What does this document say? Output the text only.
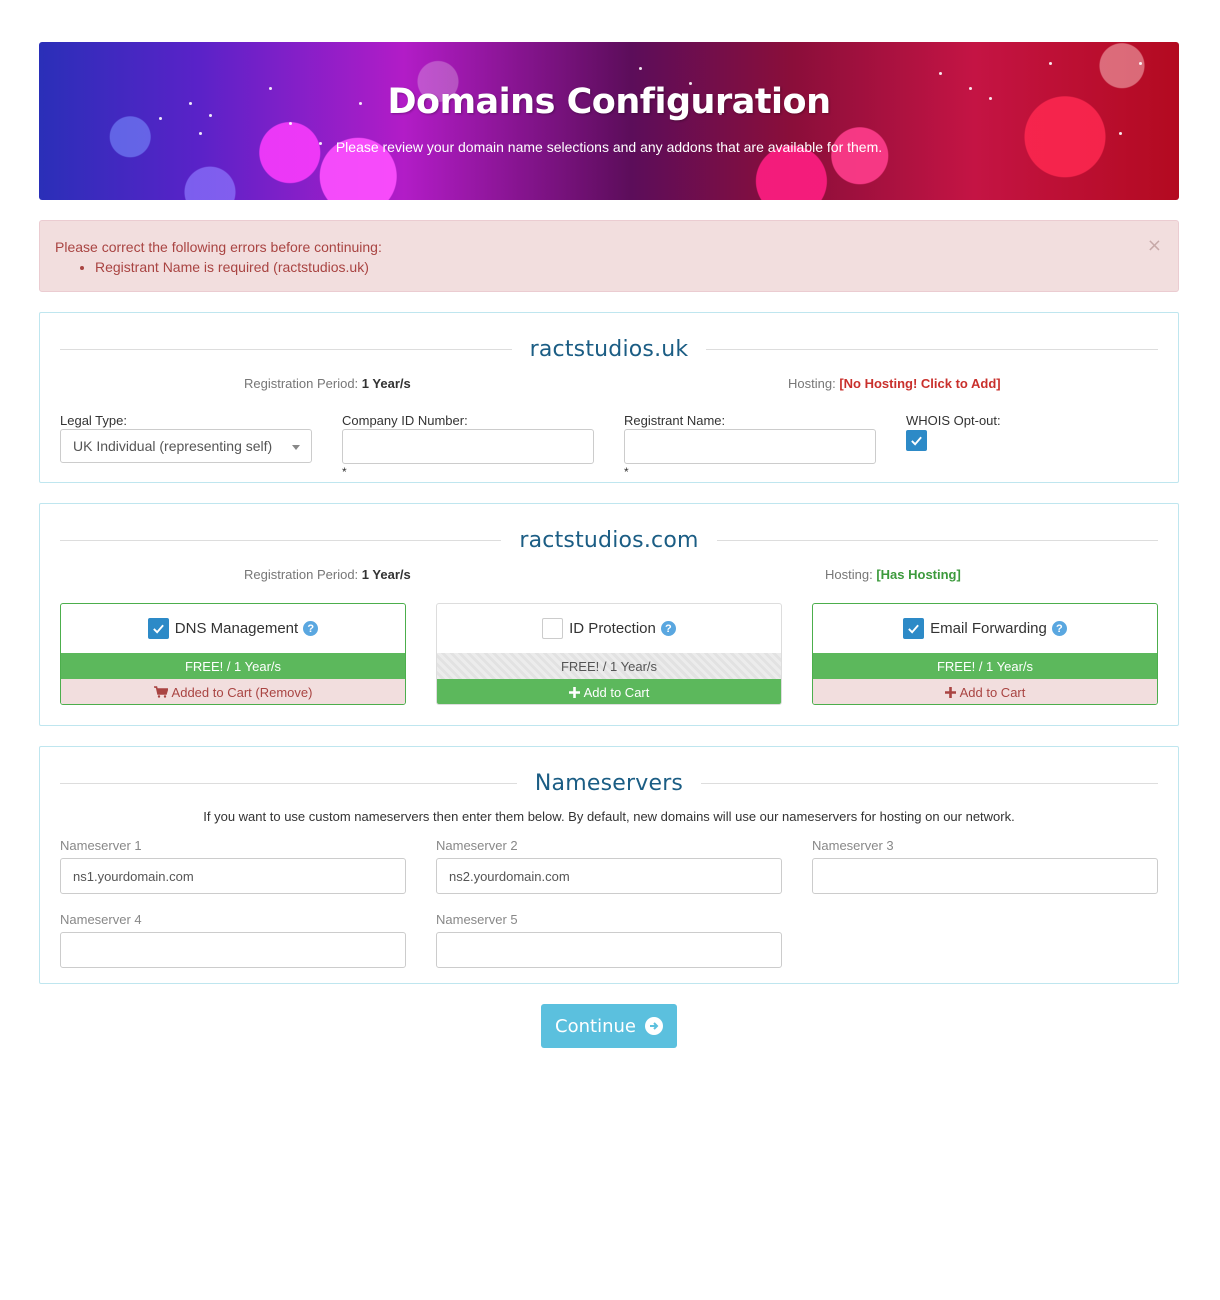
Domains Configuration

Please review your domain name selections and any addons that are available for them.

Please correct the following errors before continuing:
• Registrant Name is required (ractstudios.uk)
×
ractstudios.uk
Registration Period: 1 Year/s	Hosting: [No Hosting! Click to Add]
Legal Type:
UK Individual (representing self)
Company ID Number:
*
Registrant Name:
*
WHOIS Opt-out:
ractstudios.com
Registration Period: 1 Year/s	Hosting: [Has Hosting]
DNS Management ?
FREE! / 1 Year/s
Added to Cart (Remove)
ID Protection ?
FREE! / 1 Year/s
Add to Cart
Email Forwarding ?
FREE! / 1 Year/s
Add to Cart
Nameservers
If you want to use custom nameservers then enter them below. By default, new domains will use our nameservers for hosting on our network.
Nameserver 1
ns1.yourdomain.com
Nameserver 2
ns2.yourdomain.com
Nameserver 3
Nameserver 4	Nameserver 5
Continue
